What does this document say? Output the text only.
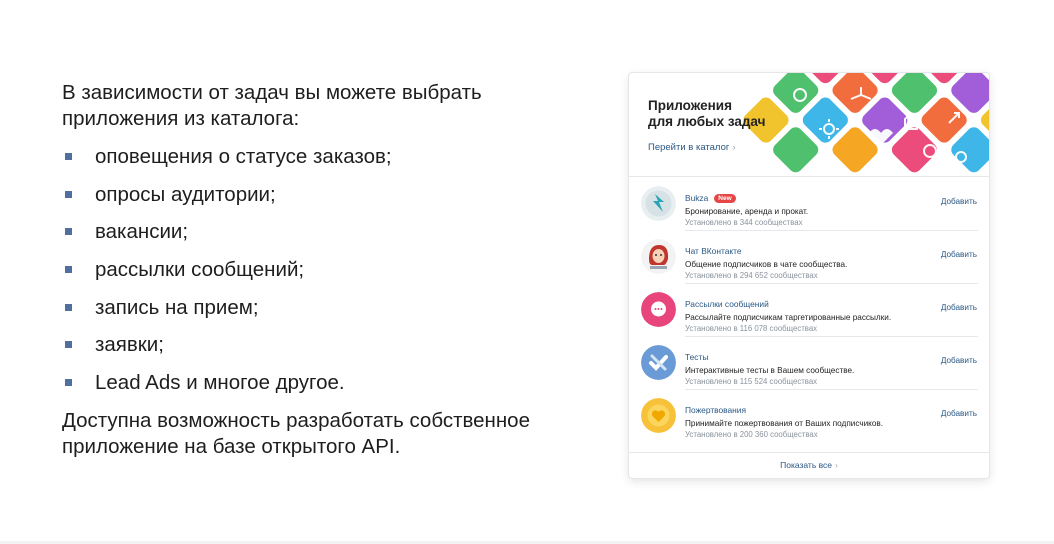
В зависимости от задач вы можете выбрать приложения из каталога:

оповещения о статусе заказов;
опросы аудитории;
вакансии;
рассылки сообщений;
запись на прием;
заявки;
Lead Ads и многое другое.

Доступна возможность разработать собственное приложение на базе открытого API.

Приложения
для любых задач
Перейти в каталог ›
Bukza New
Бронирование, аренда и прокат.
Установлено в 344 сообществах
Добавить
Чат ВКонтакте
Общение подписчиков в чате сообщества.
Установлено в 294 652 сообществах
Добавить
Рассылки сообщений
Рассылайте подписчикам таргетированные рассылки.
Установлено в 116 078 сообществах
Добавить
Тесты
Интерактивные тесты в Вашем сообществе.
Установлено в 115 524 сообществах
Добавить
Пожертвования
Принимайте пожертвования от Ваших подписчиков.
Установлено в 200 360 сообществах
Добавить
Показать все ›
